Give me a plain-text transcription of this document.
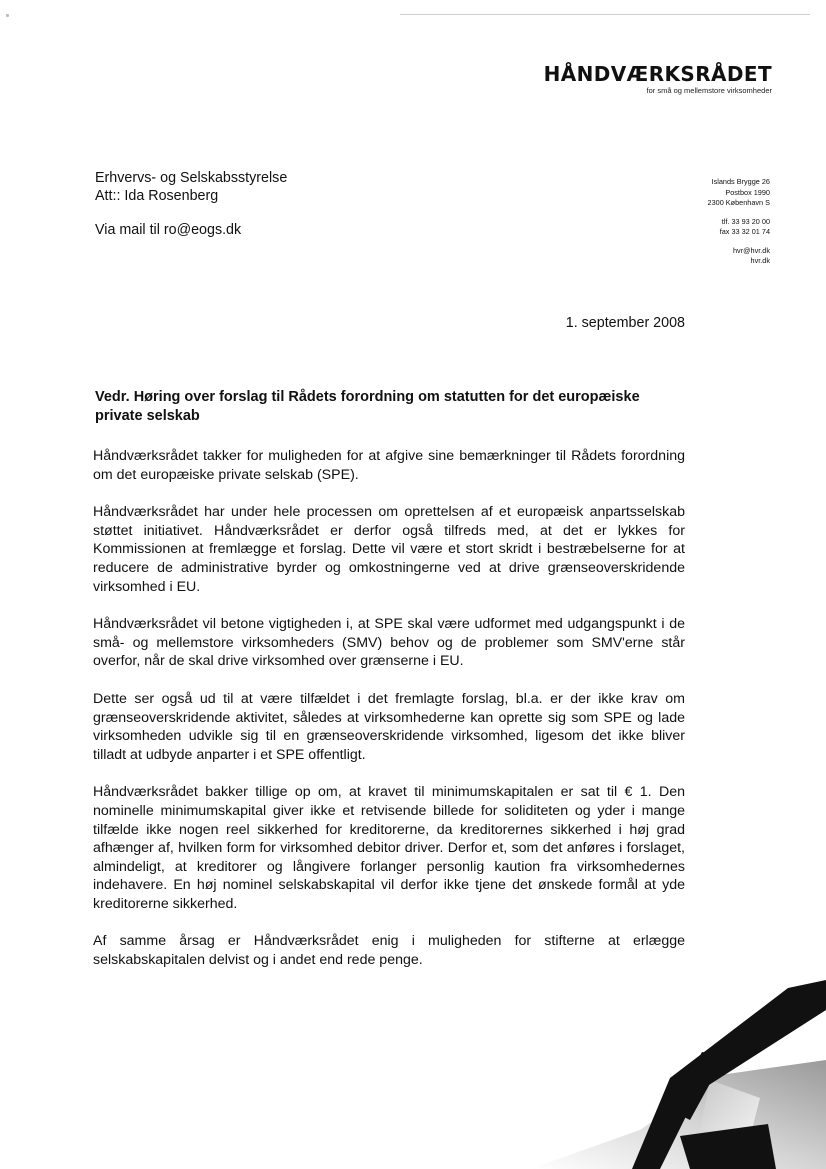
HÅNDVÆRKSRÅDET
for små og mellemstore virksomheder
Erhvervs- og Selskabsstyrelse
Att:: Ida Rosenberg
Via mail til ro@eogs.dk
Islands Brygge 26
Postbox 1990
2300 København S
tlf. 33 93 20 00
fax 33 32 01 74
hvr@hvr.dk
hvr.dk
1. september 2008

Vedr. Høring over forslag til Rådets forordning om statutten for det europæiske private selskab

Håndværksrådet takker for muligheden for at afgive sine bemærkninger til Rådets forordning om det europæiske private selskab (SPE).

Håndværksrådet har under hele processen om oprettelsen af et europæisk anpartsselskab støttet initiativet. Håndværksrådet er derfor også tilfreds med, at det er lykkes for Kommissionen at fremlægge et forslag. Dette vil være et stort skridt i bestræbelserne for at reducere de administrative byrder og omkostningerne ved at drive grænseoverskridende virksomhed i EU.

Håndværksrådet vil betone vigtigheden i, at SPE skal være udformet med udgangspunkt i de små- og mellemstore virksomheders (SMV) behov og de problemer som SMV'erne står overfor, når de skal drive virksomhed over grænserne i EU.

Dette ser også ud til at være tilfældet i det fremlagte forslag, bl.a. er der ikke krav om grænseoverskridende aktivitet, således at virksomhederne kan oprette sig som SPE og lade virksomheden udvikle sig til en grænseoverskridende virksomhed, ligesom det ikke bliver tilladt at udbyde anparter i et SPE offentligt.

Håndværksrådet bakker tillige op om, at kravet til minimumskapitalen er sat til € 1. Den nominelle minimumskapital giver ikke et retvisende billede for soliditeten og yder i mange tilfælde ikke nogen reel sikkerhed for kreditorerne, da kreditorernes sikkerhed i høj grad afhænger af, hvilken form for virksomhed debitor driver. Derfor et, som det anføres i forslaget, almindeligt, at kreditorer og långivere forlanger personlig kaution fra virksomhedernes indehavere. En høj nominel selskabskapital vil derfor ikke tjene det ønskede formål at yde kreditorerne sikkerhed.

Af samme årsag er Håndværksrådet enig i muligheden for stifterne at erlægge selskabskapitalen delvist og i andet end rede penge.
